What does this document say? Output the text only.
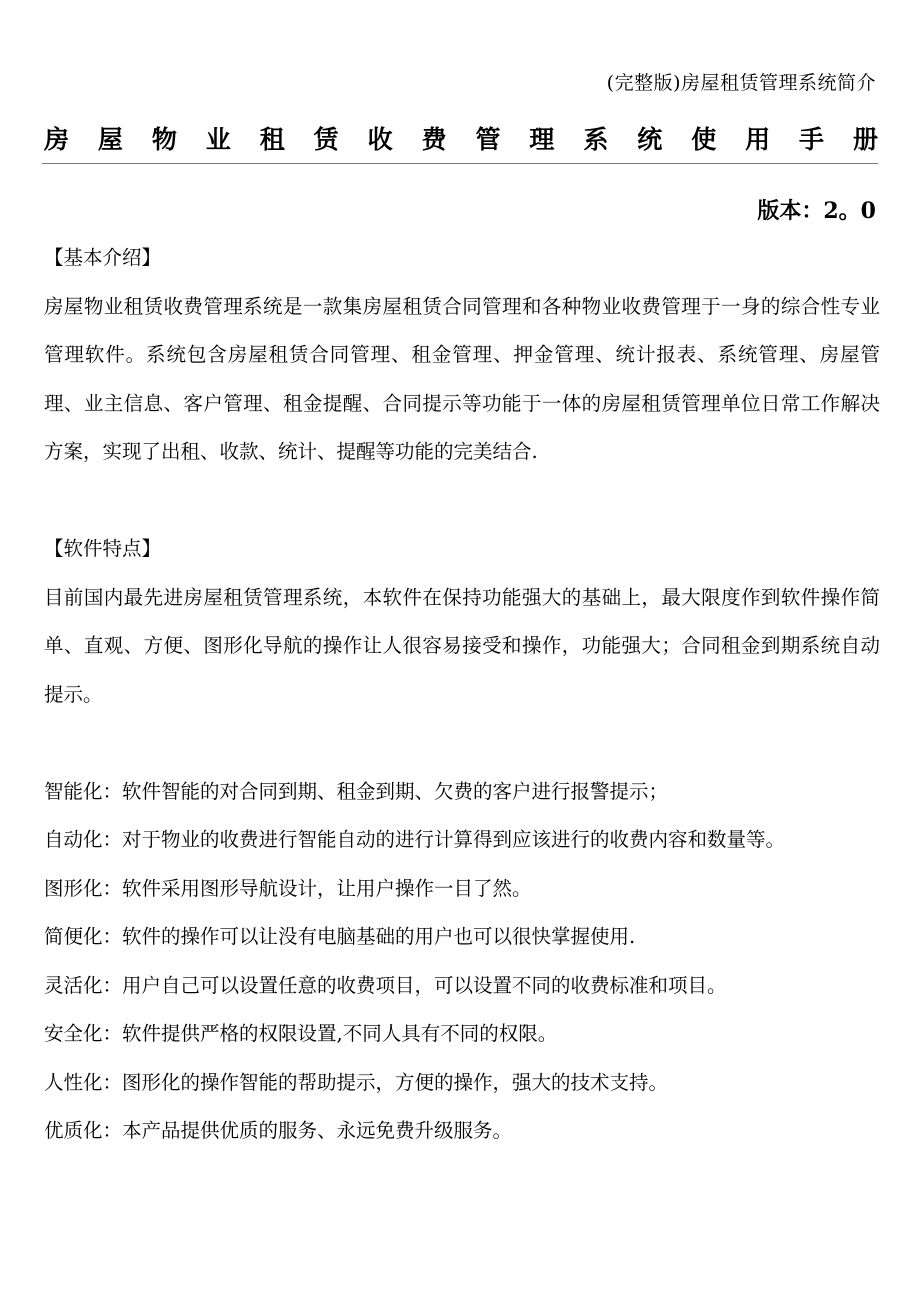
(完整版)房屋租赁管理系统简介
房屋物业租赁收费管理系统使用手册
版本：2。0

【基本介绍】

房屋物业租赁收费管理系统是一款集房屋租赁合同管理和各种物业收费管理于一身的综合性专业管理软件。系统包含房屋租赁合同管理、租金管理、押金管理、统计报表、系统管理、房屋管理、业主信息、客户管理、租金提醒、合同提示等功能于一体的房屋租赁管理单位日常工作解决方案，实现了出租、收款、统计、提醒等功能的完美结合.

【软件特点】

目前国内最先进房屋租赁管理系统，本软件在保持功能强大的基础上，最大限度作到软件操作简单、直观、方便、图形化导航的操作让人很容易接受和操作，功能强大；合同租金到期系统自动提示。

智能化：软件智能的对合同到期、租金到期、欠费的客户进行报警提示；

自动化：对于物业的收费进行智能自动的进行计算得到应该进行的收费内容和数量等。

图形化：软件采用图形导航设计，让用户操作一目了然。

简便化：软件的操作可以让没有电脑基础的用户也可以很快掌握使用.

灵活化：用户自己可以设置任意的收费项目，可以设置不同的收费标准和项目。

安全化：软件提供严格的权限设置,不同人具有不同的权限。

人性化：图形化的操作智能的帮助提示，方便的操作，强大的技术支持。

优质化：本产品提供优质的服务、永远免费升级服务。
